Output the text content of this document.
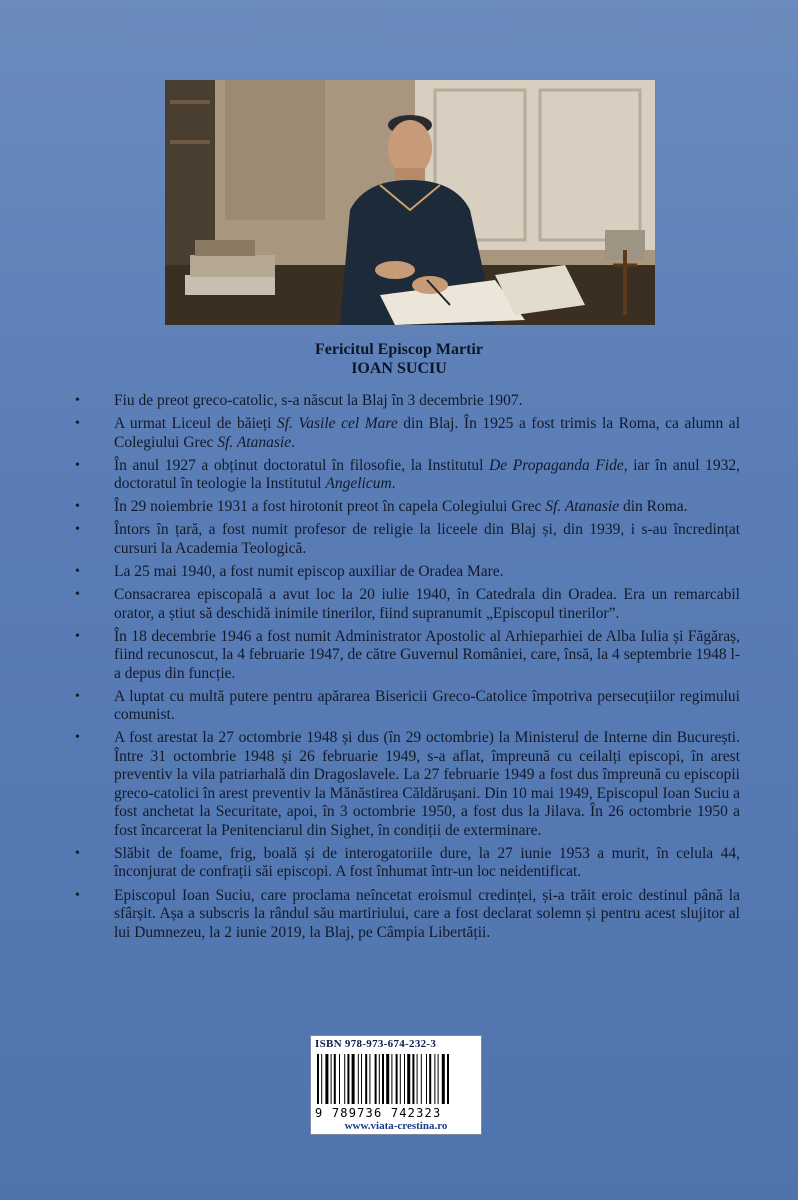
Fericitul Episcop Martir
IOAN SUCIU
• Fiu de preot greco-catolic, s-a născut la Blaj în 3 decembrie 1907.
• A urmat Liceul de băieți Sf. Vasile cel Mare din Blaj. În 1925 a fost trimis la Roma, ca alumn al Colegiului Grec Sf. Atanasie.
• În anul 1927 a obținut doctoratul în filosofie, la Institutul De Propaganda Fide, iar în anul 1932, doctoratul în teologie la Institutul Angelicum.
• În 29 noiembrie 1931 a fost hirotonit preot în capela Colegiului Grec Sf. Atanasie din Roma.
• Întors în țară, a fost numit profesor de religie la liceele din Blaj și, din 1939, i s-au încredințat cursuri la Academia Teologică.
• La 25 mai 1940, a fost numit episcop auxiliar de Oradea Mare.
• Consacrarea episcopală a avut loc la 20 iulie 1940, în Catedrala din Oradea. Era un remarcabil orator, a știut să deschidă inimile tinerilor, fiind supranumit „Episcopul tinerilor”.
• În 18 decembrie 1946 a fost numit Administrator Apostolic al Arhieparhiei de Alba Iulia și Făgăraș, fiind recunoscut, la 4 februarie 1947, de către Guvernul României, care, însă, la 4 septembrie 1948 l-a depus din funcție.
• A luptat cu multă putere pentru apărarea Bisericii Greco-Catolice împotriva persecuțiilor regimului comunist.
• A fost arestat la 27 octombrie 1948 și dus (în 29 octombrie) la Ministerul de Interne din București. Între 31 octombrie 1948 și 26 februarie 1949, s-a aflat, împreună cu ceilalți episcopi, în arest preventiv la vila patriarhală din Dragoslavele. La 27 februarie 1949 a fost dus împreună cu episcopii greco-catolici în arest preventiv la Mănăstirea Căldărușani. Din 10 mai 1949, Episcopul Ioan Suciu a fost anchetat la Securitate, apoi, în 3 octombrie 1950, a fost dus la Jilava. În 26 octombrie 1950 a fost încarcerat la Penitenciarul din Sighet, în condiții de exterminare.
• Slăbit de foame, frig, boală și de interogatoriile dure, la 27 iunie 1953 a murit, în celula 44, înconjurat de confrații săi episcopi. A fost înhumat într-un loc neidentificat.
• Episcopul Ioan Suciu, care proclama neîncetat eroismul credinței, și-a trăit eroic destinul până la sfârșit. Așa a subscris la rândul său martiriului, care a fost declarat solemn și pentru acest slujitor al lui Dumnezeu, la 2 iunie 2019, la Blaj, pe Câmpia Libertății.
ISBN 978-973-674-232-3
9 789736 742323
www.viata-crestina.ro
